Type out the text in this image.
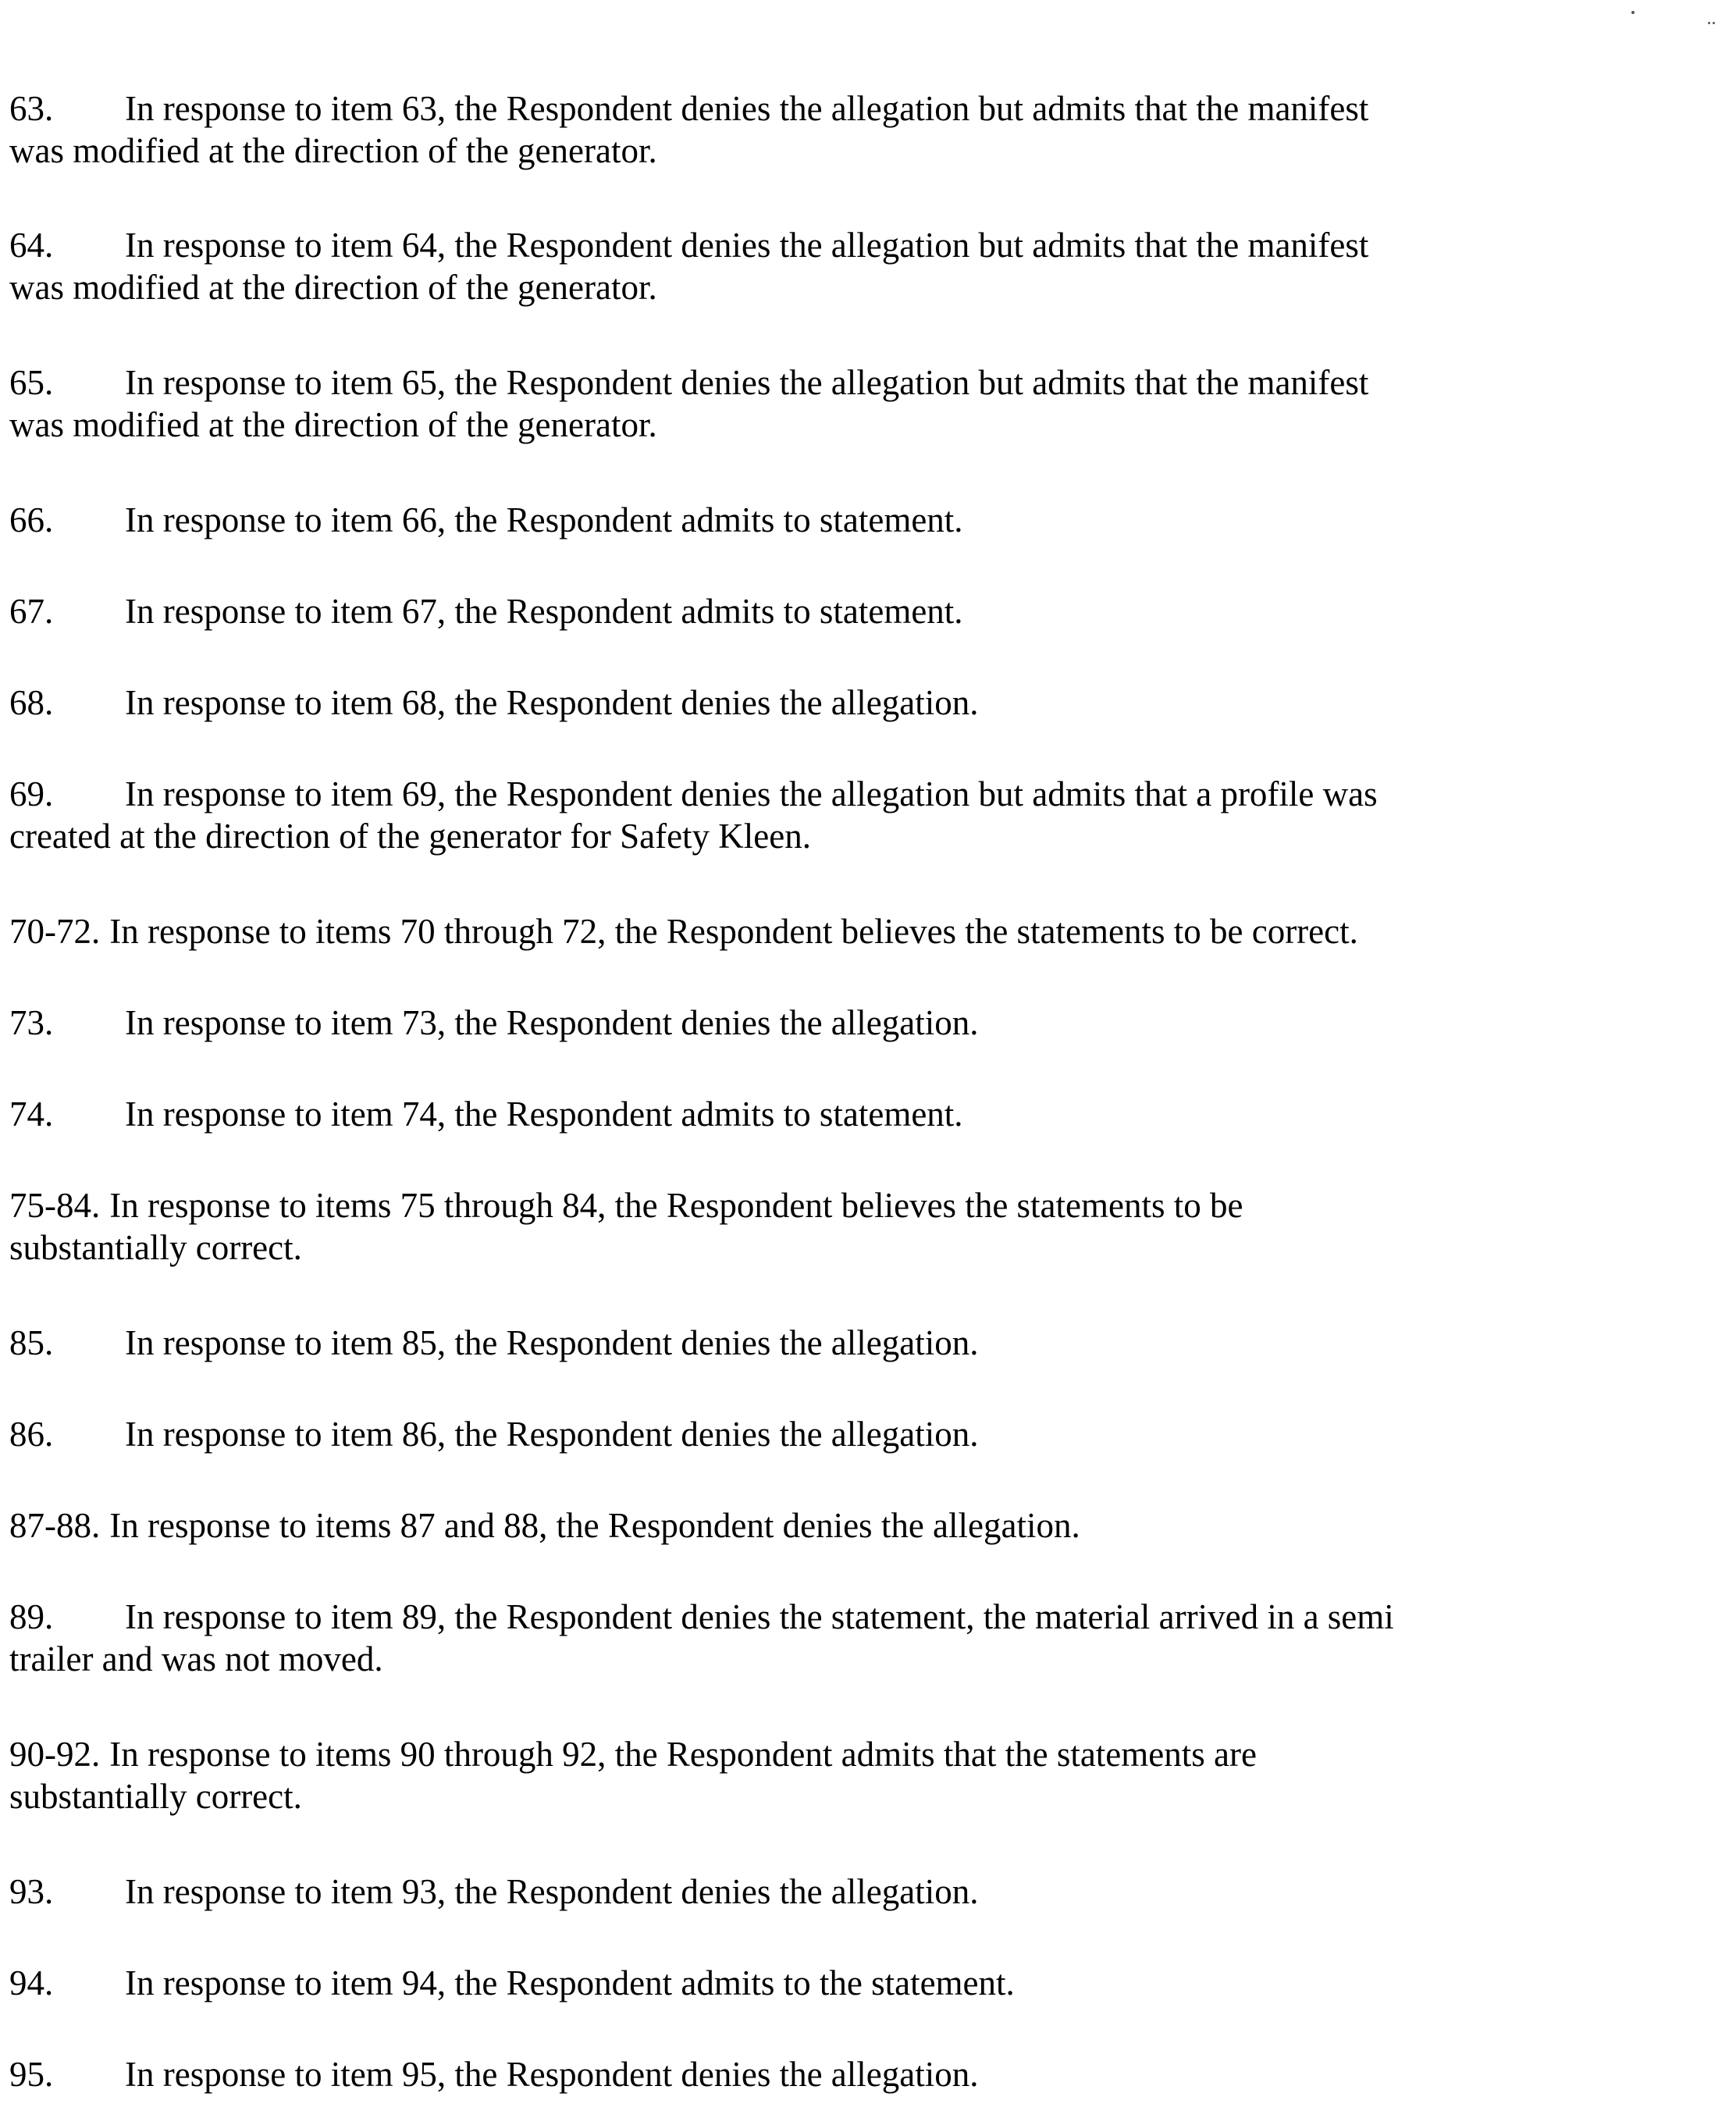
63. In response to item 63, the Respondent denies the allegation but admits that the manifest
was modified at the direction of the generator.
64. In response to item 64, the Respondent denies the allegation but admits that the manifest
was modified at the direction of the generator.
65. In response to item 65, the Respondent denies the allegation but admits that the manifest
was modified at the direction of the generator.
66. In response to item 66, the Respondent admits to statement.
67. In response to item 67, the Respondent admits to statement.
68. In response to item 68, the Respondent denies the allegation.
69. In response to item 69, the Respondent denies the allegation but admits that a profile was
created at the direction of the generator for Safety Kleen.
70-72. In response to items 70 through 72, the Respondent believes the statements to be correct.
73. In response to item 73, the Respondent denies the allegation.
74. In response to item 74, the Respondent admits to statement.
75-84. In response to items 75 through 84, the Respondent believes the statements to be
substantially correct.
85. In response to item 85, the Respondent denies the allegation.
86. In response to item 86, the Respondent denies the allegation.
87-88. In response to items 87 and 88, the Respondent denies the allegation.
89. In response to item 89, the Respondent denies the statement, the material arrived in a semi
trailer and was not moved.
90-92. In response to items 90 through 92, the Respondent admits that the statements are
substantially correct.
93. In response to item 93, the Respondent denies the allegation.
94. In response to item 94, the Respondent admits to the statement.
95. In response to item 95, the Respondent denies the allegation.
